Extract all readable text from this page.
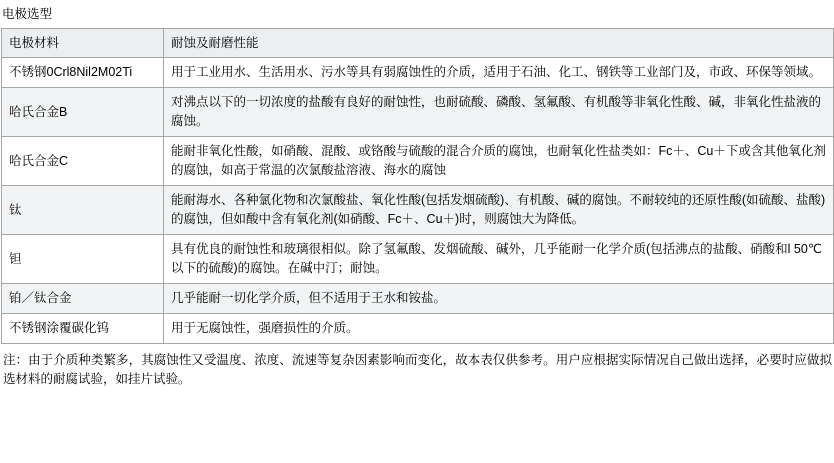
电极选型
电极材料	耐蚀及耐磨性能
不锈钢0Crl8Nil2M02Ti	用于工业用水、生活用水、污水等具有弱腐蚀性的介质，适用于石油、化工、钢铁等工业部门及，市政、环保等领域。
哈氏合金B	对沸点以下的一切浓度的盐酸有良好的耐蚀性，也耐硫酸、磷酸、氢氟酸、有机酸等非氧化性酸、碱，非氧化性盐液的腐蚀。
哈氏合金C	能耐非氧化性酸，如硝酸、混酸、或铬酸与硫酸的混合介质的腐蚀，也耐氧化性盐类如：Fc＋、Cu＋下或含其他氧化剂的腐蚀，如高于常温的次氯酸盐溶液、海水的腐蚀
钛	能耐海水、各种氯化物和次氯酸盐、氧化性酸(包括发烟硫酸)、有机酸、碱的腐蚀。不耐较纯的还原性酸(如硫酸、盐酸)的腐蚀，但如酸中含有氧化剂(如硝酸、Fc＋、Cu＋)时，则腐蚀大为降低。
钽	具有优良的耐蚀性和玻璃很相似。除了氢氟酸、发烟硫酸、碱外，几乎能耐一化学介质(包括沸点的盐酸、硝酸和l 50℃以下的硫酸)的腐蚀。在碱中汀；耐蚀。
铂／钛合金	几乎能耐一切化学介质，但不适用于王水和铵盐。
不锈钢涂覆碳化钨	用于无腐蚀性，强磨损性的介质。
注：由于介质种类繁多，其腐蚀性又受温度、浓度、流速等复杂因素影响而变化，故本表仅供参考。用户应根据实际情况自己做出选择，必要时应做拟选材料的耐腐试验，如挂片试验。
